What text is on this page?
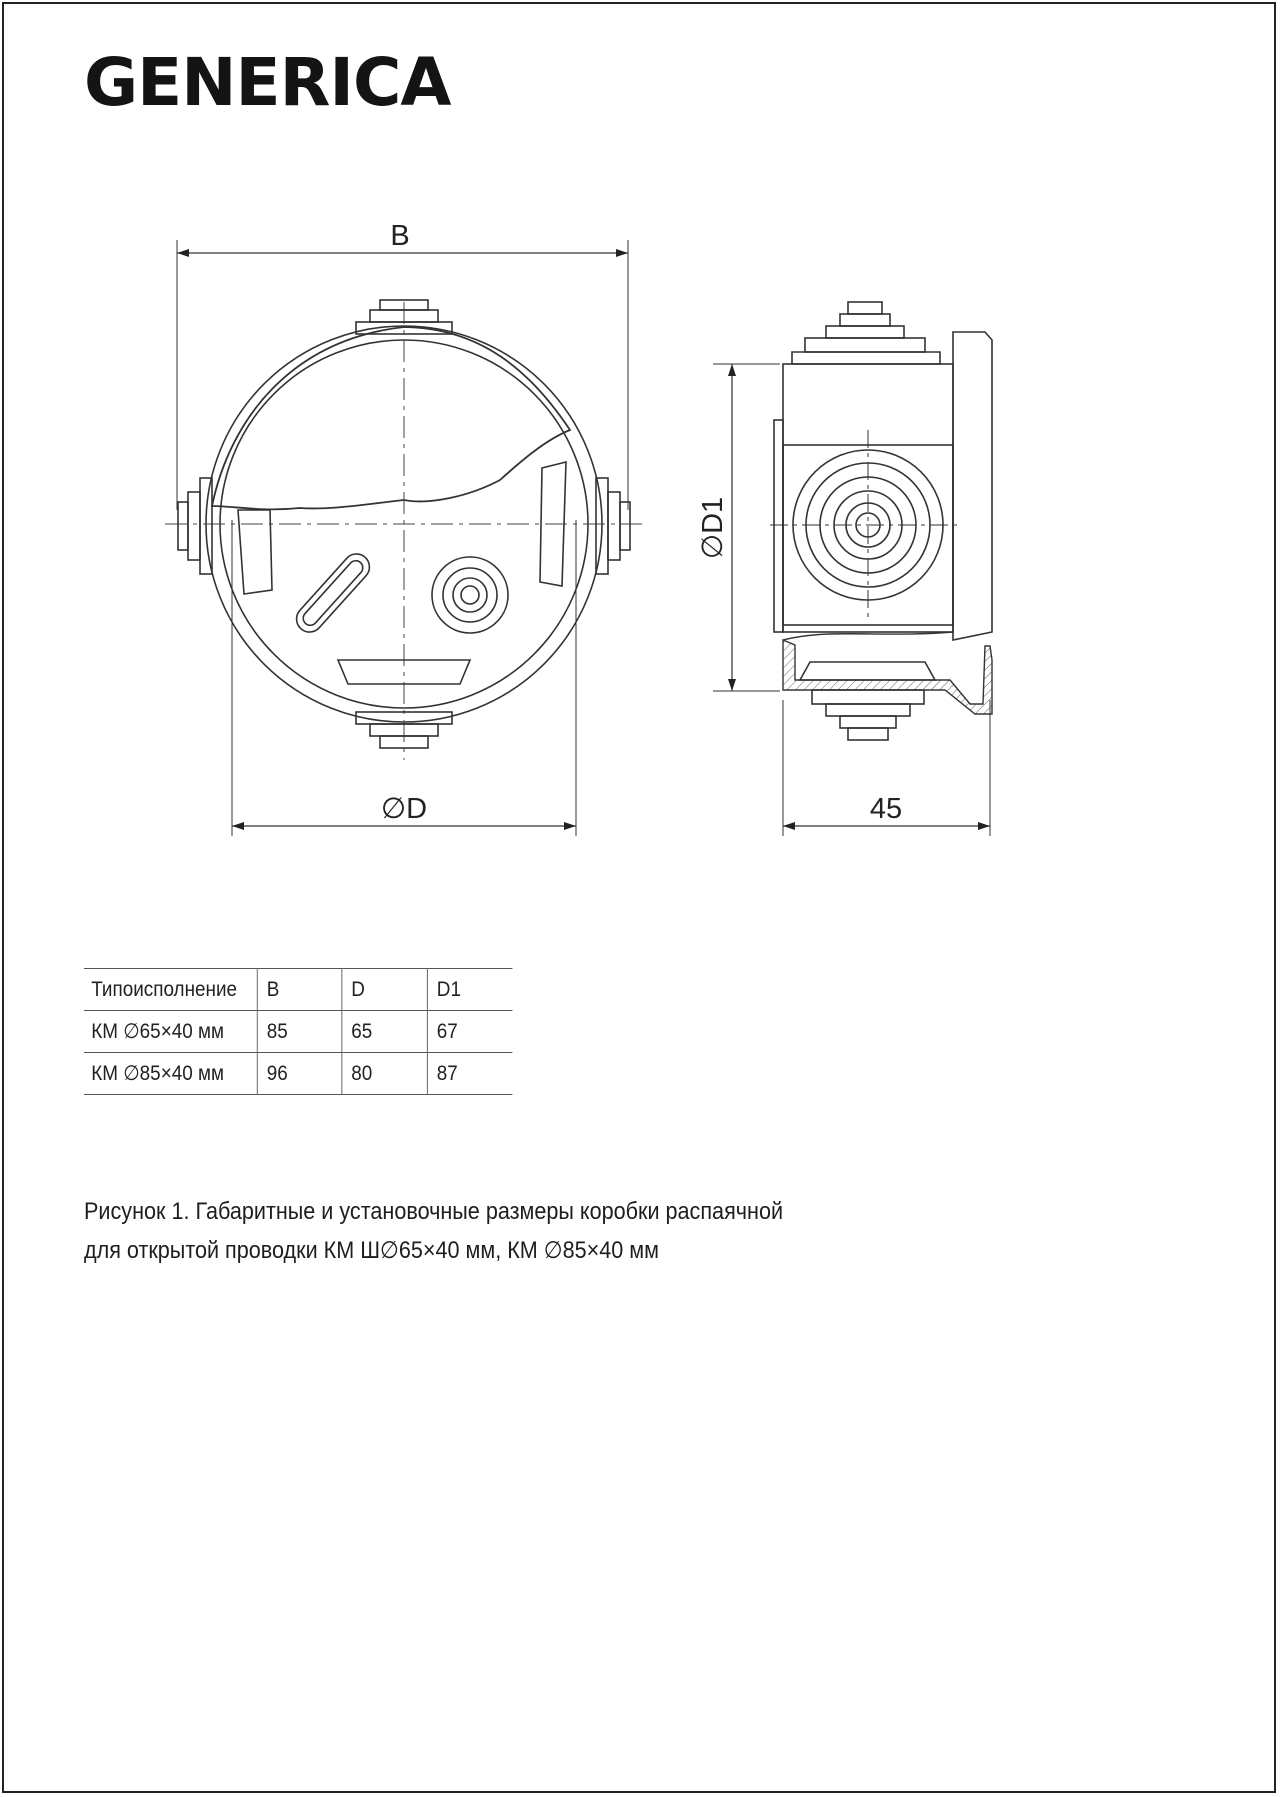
GENERICA
B
∅D	45
∅D1
Типоисполнение	B	D	D1
КМ ∅65×40 мм	85	65	67
КМ ∅85×40 мм	96	80	87
Рисунок 1. Габаритные и установочные размеры коробки распаячной
для открытой проводки КМ Ш∅65×40 мм, КМ ∅85×40 мм
